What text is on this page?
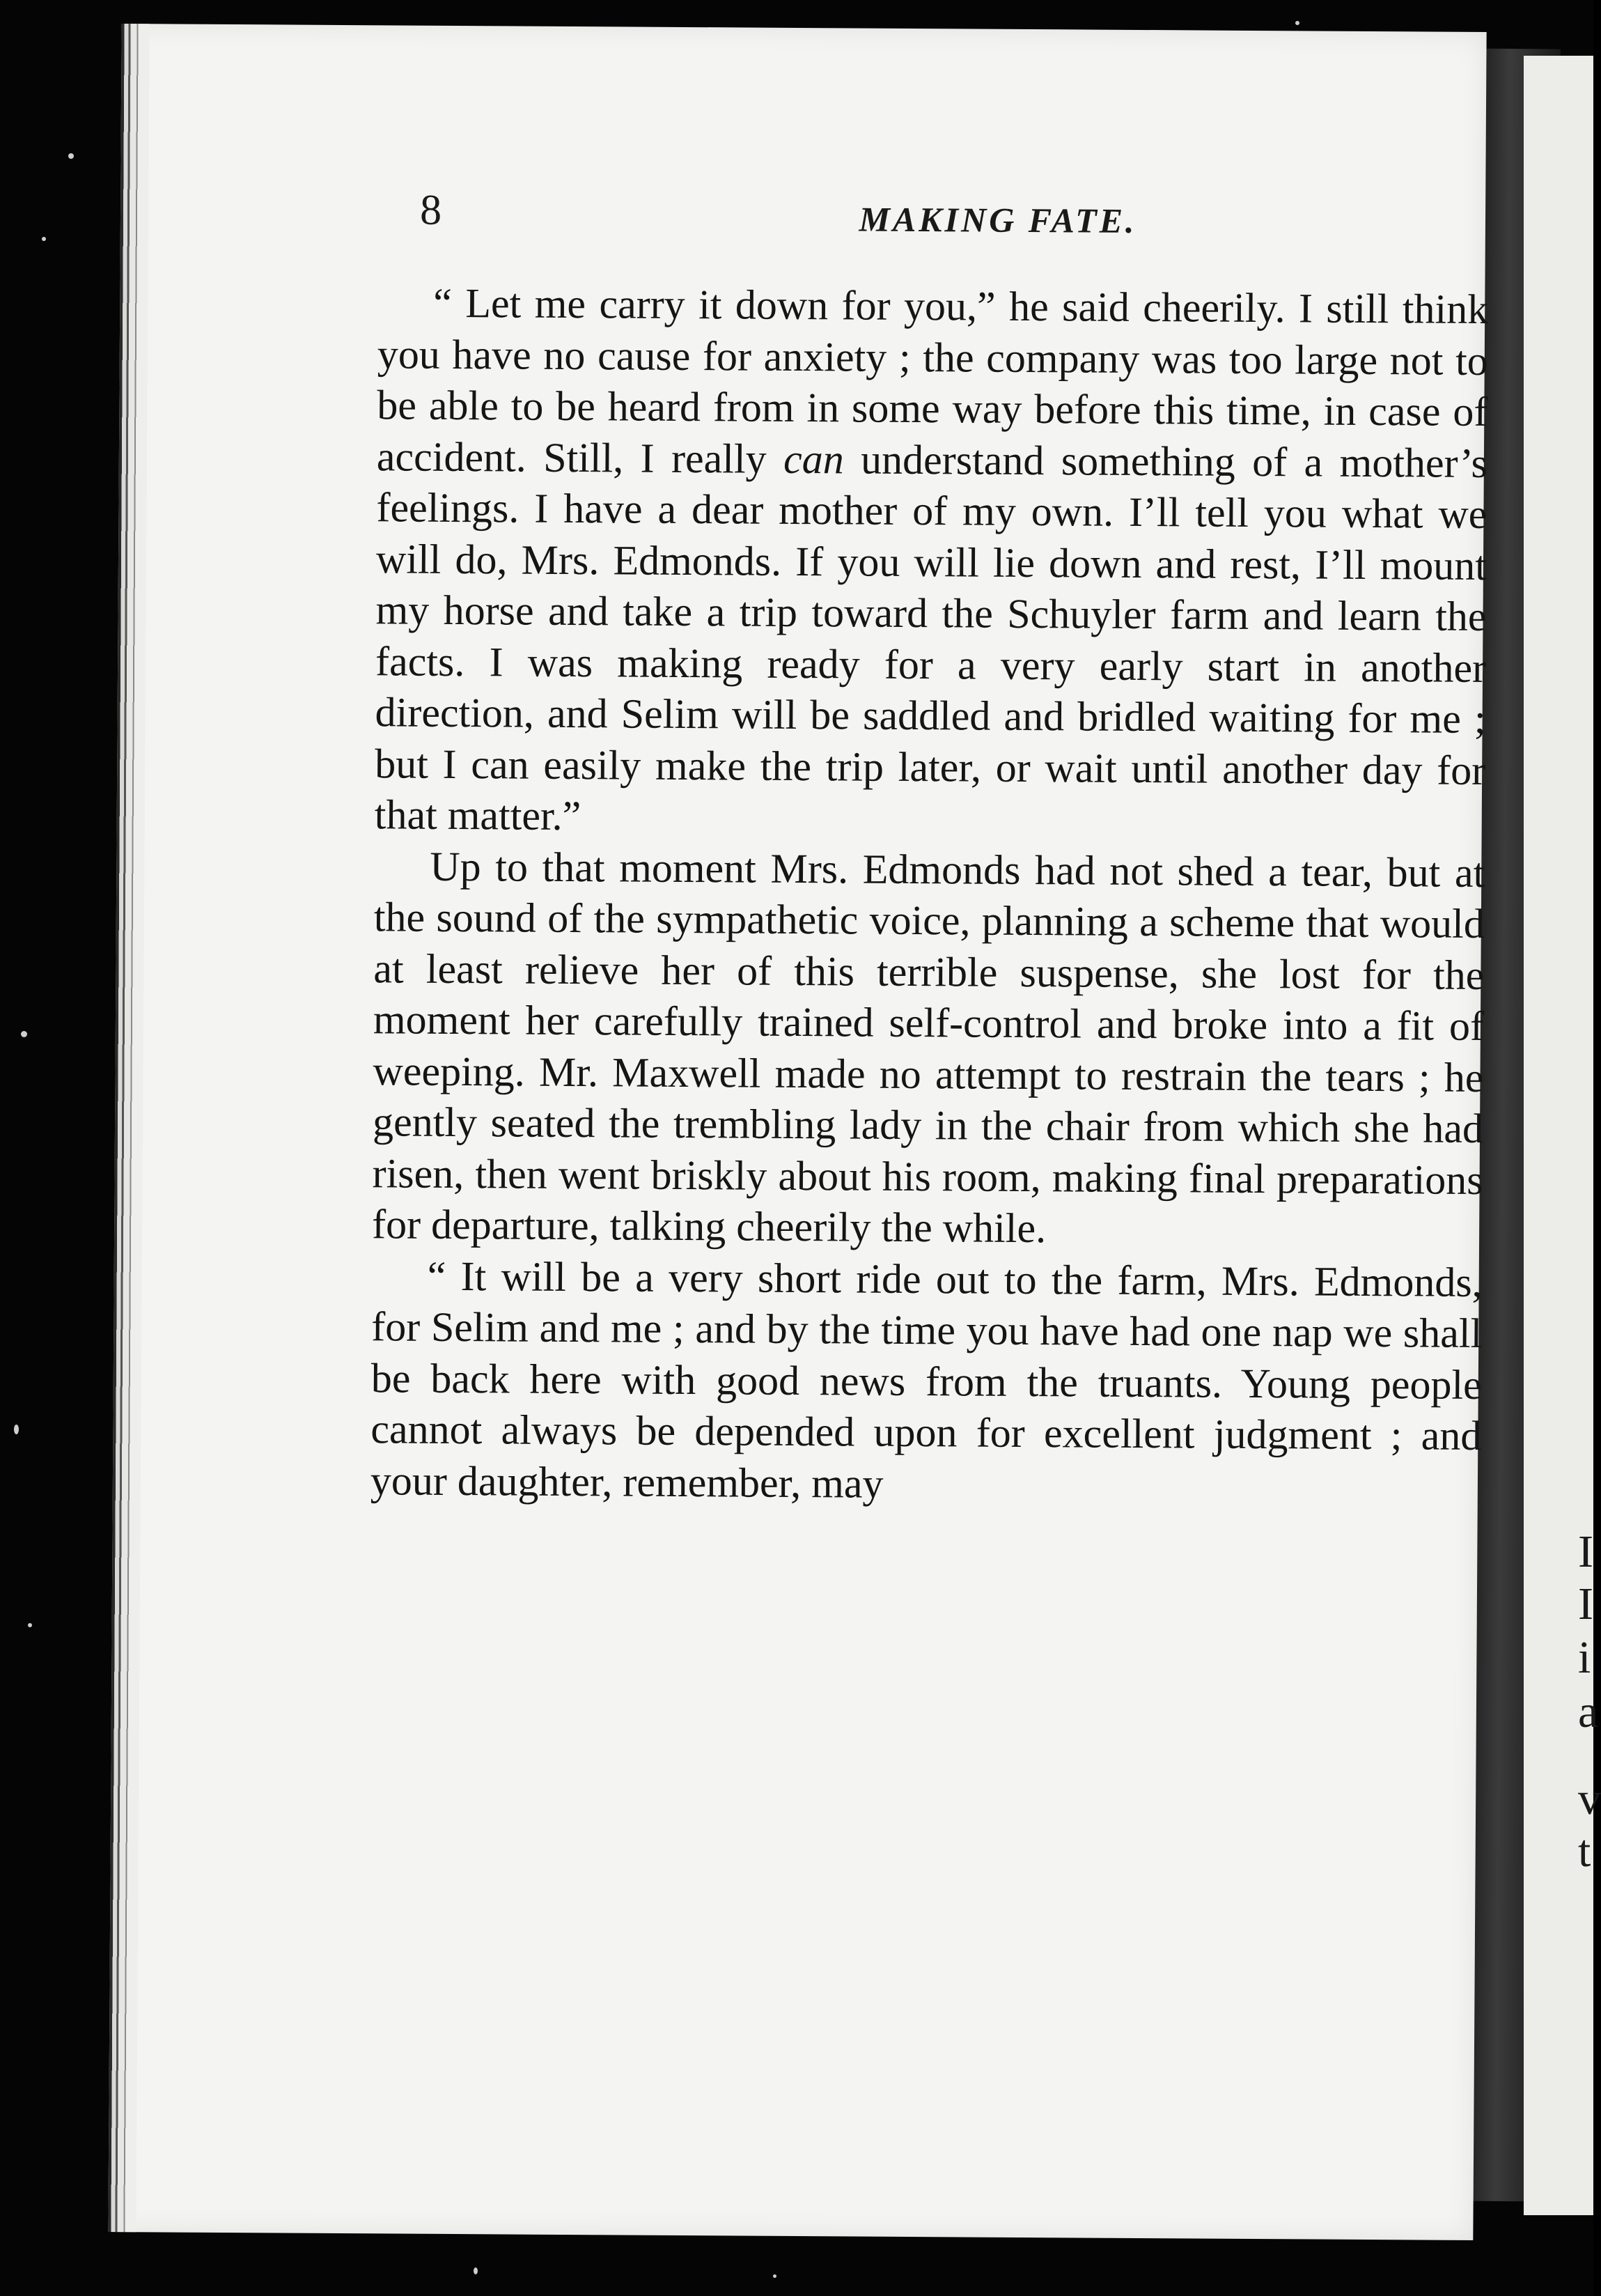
I
I
i
a
v
t
8	MAKING FATE.

“ Let me carry it down for you,” he said cheerily. I still think you have no cause for anxiety ; the company was too large not to be able to be heard from in some way before this time, in case of accident. Still, I really can understand something of a mother’s feelings. I have a dear mother of my own. I’ll tell you what we will do, Mrs. Edmonds. If you will lie down and rest, I’ll mount my horse and take a trip toward the Schuyler farm and learn the facts. I was making ready for a very early start in another direction, and Selim will be saddled and bridled waiting for me ; but I can easily make the trip later, or wait until another day for that matter.”

Up to that moment Mrs. Edmonds had not shed a tear, but at the sound of the sympathetic voice, planning a scheme that would at least relieve her of this terrible suspense, she lost for the moment her carefully trained self-control and broke into a fit of weeping. Mr. Maxwell made no attempt to restrain the tears ; he gently seated the trembling lady in the chair from which she had risen, then went briskly about his room, making final preparations for departure, talking cheerily the while.

“ It will be a very short ride out to the farm, Mrs. Edmonds, for Selim and me ; and by the time you have had one nap we shall be back here with good news from the truants. Young people cannot always be depended upon for excellent judgment ; and your daughter, remember, may
